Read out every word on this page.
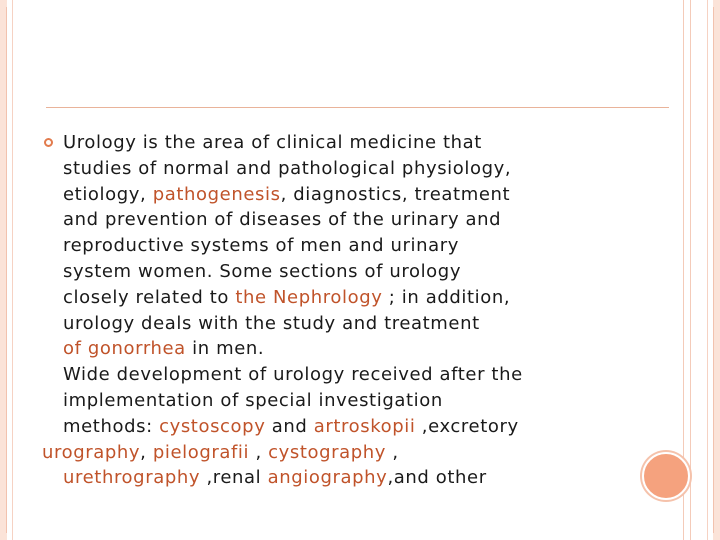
Urology is the area of clinical medicine that
studies of normal and pathological physiology,
etiology, pathogenesis, diagnostics, treatment
and prevention of diseases of the urinary and
reproductive systems of men and urinary
system women. Some sections of urology
closely related to the Nephrology ; in addition,
urology deals with the study and treatment
of gonorrhea in men.
Wide development of urology received after the
implementation of special investigation
methods: cystoscopy and artroskopii ,excretory
urography, pielografii , cystography ,
urethrography ,renal angiography,and other
